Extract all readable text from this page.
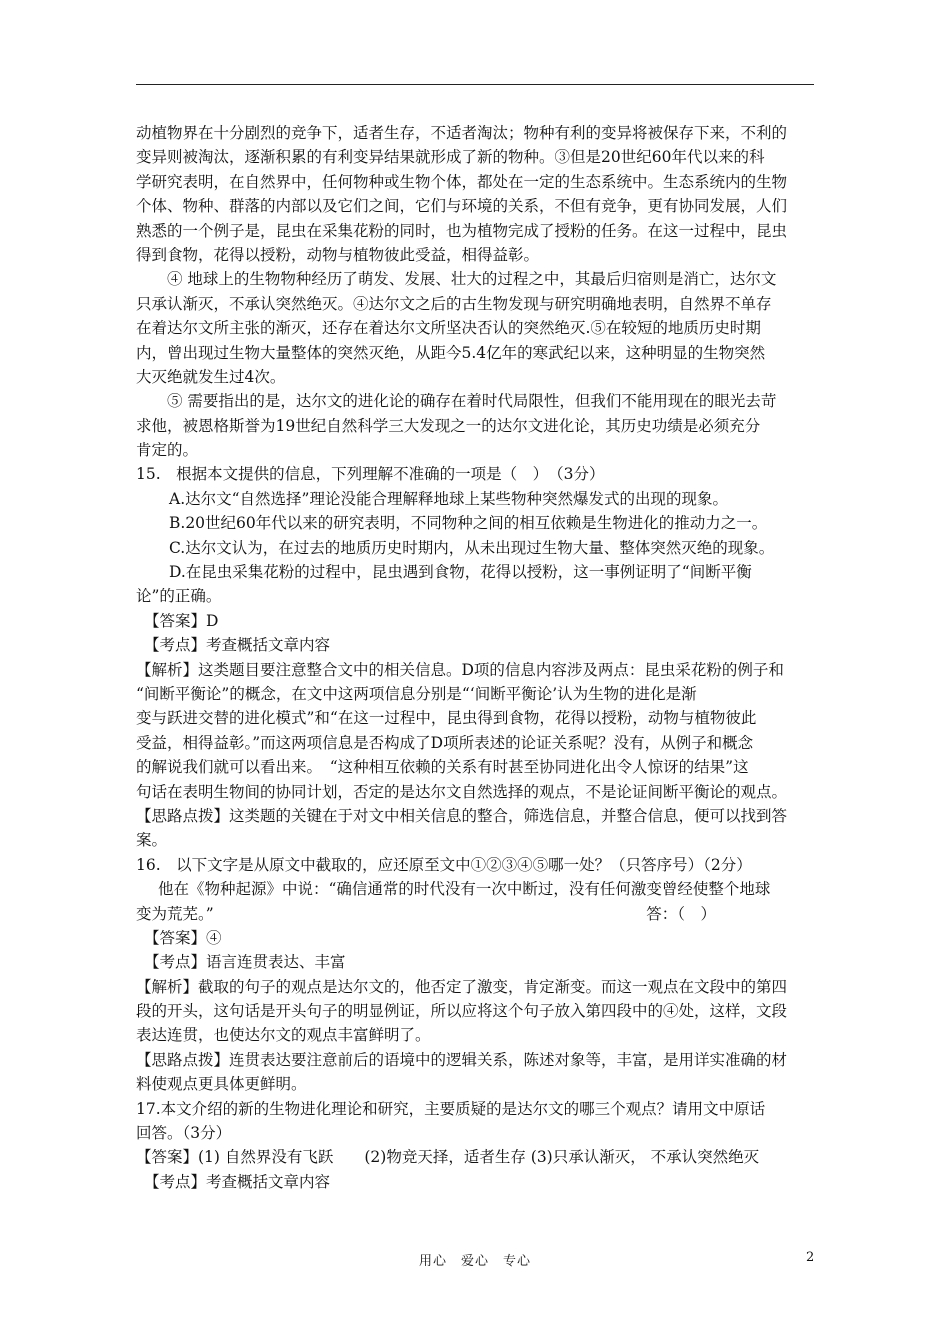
动植物界在十分剧烈的竞争下，适者生存，不适者淘汰；物种有利的变异将被保存下来，不利的
变异则被淘汰，逐渐积累的有利变异结果就形成了新的物种。③但是20世纪60年代以来的科
学研究表明，在自然界中，任何物种或生物个体，都处在一定的生态系统中。生态系统内的生物
个体、物种、群落的内部以及它们之间，它们与环境的关系，不但有竞争，更有协同发展，人们
熟悉的一个例子是，昆虫在采集花粉的同时，也为植物完成了授粉的任务。在这一过程中，昆虫
得到食物，花得以授粉，动物与植物彼此受益，相得益彰。
④ 地球上的生物物种经历了萌发、发展、壮大的过程之中，其最后归宿则是消亡，达尔文
只承认渐灭，不承认突然绝灭。④达尔文之后的古生物发现与研究明确地表明，自然界不单存
在着达尔文所主张的渐灭，还存在着达尔文所坚决否认的突然绝灭.⑤在较短的地质历史时期
内，曾出现过生物大量整体的突然灭绝，从距今5.4亿年的寒武纪以来，这种明显的生物突然
大灭绝就发生过4次。
⑤ 需要指出的是，达尔文的进化论的确存在着时代局限性，但我们不能用现在的眼光去苛
求他，被恩格斯誉为19世纪自然科学三大发现之一的达尔文进化论，其历史功绩是必须充分
肯定的。
15.　根据本文提供的信息，下列理解不准确的一项是（　）　（3分）
A.达尔文“自然选择”理论没能合理解释地球上某些物种突然爆发式的出现的现象。
B.20世纪60年代以来的研究表明，不同物种之间的相互依赖是生物进化的推动力之一。
C.达尔文认为，在过去的地质历史时期内，从未出现过生物大量、整体突然灭绝的现象。
D.在昆虫采集花粉的过程中，昆虫遇到食物，花得以授粉，这一事例证明了“间断平衡
论”的正确。
【答案】D
【考点】考查概括文章内容
【解析】这类题目要注意整合文中的相关信息。D项的信息内容涉及两点：昆虫采花粉的例子和
“间断平衡论”的概念，在文中这两项信息分别是“‘间断平衡论’认为生物的进化是渐
变与跃进交替的进化模式”和“在这一过程中，昆虫得到食物，花得以授粉，动物与植物彼此
受益，相得益彰。”而这两项信息是否构成了D项所表述的论证关系呢？没有，从例子和概念
的解说我们就可以看出来。　“这种相互依赖的关系有时甚至协同进化出令人惊讶的结果”这
句话在表明生物间的协同计划，否定的是达尔文自然选择的观点，不是论证间断平衡论的观点。
【思路点拨】这类题的关键在于对文中相关信息的整合，筛选信息，并整合信息，便可以找到答
案。
16.　以下文字是从原文中截取的，应还原至文中①②③④⑤哪一处？（只答序号）（2分）
他在《物种起源》中说：“确信通常的时代没有一次中断过，没有任何激变曾经使整个地球
变为荒芜。”	答：（　）
【答案】④
【考点】语言连贯表达、丰富
【解析】截取的句子的观点是达尔文的，他否定了激变，肯定渐变。而这一观点在文段中的第四
段的开头，这句话是开头句子的明显例证，所以应将这个句子放入第四段中的④处，这样，文段
表达连贯，也使达尔文的观点丰富鲜明了。
【思路点拨】连贯表达要注意前后的语境中的逻辑关系，陈述对象等，丰富，是用详实准确的材
料使观点更具体更鲜明。
17.本文介绍的新的生物进化理论和研究，主要质疑的是达尔文的哪三个观点？请用文中原话
回答。（3分）
【答案】(1) 自然界没有飞跃　　(2)物竞天择，适者生存 (3)只承认渐灭， 不承认突然绝灭
【考点】考查概括文章内容
用心　爱心　专心	2
